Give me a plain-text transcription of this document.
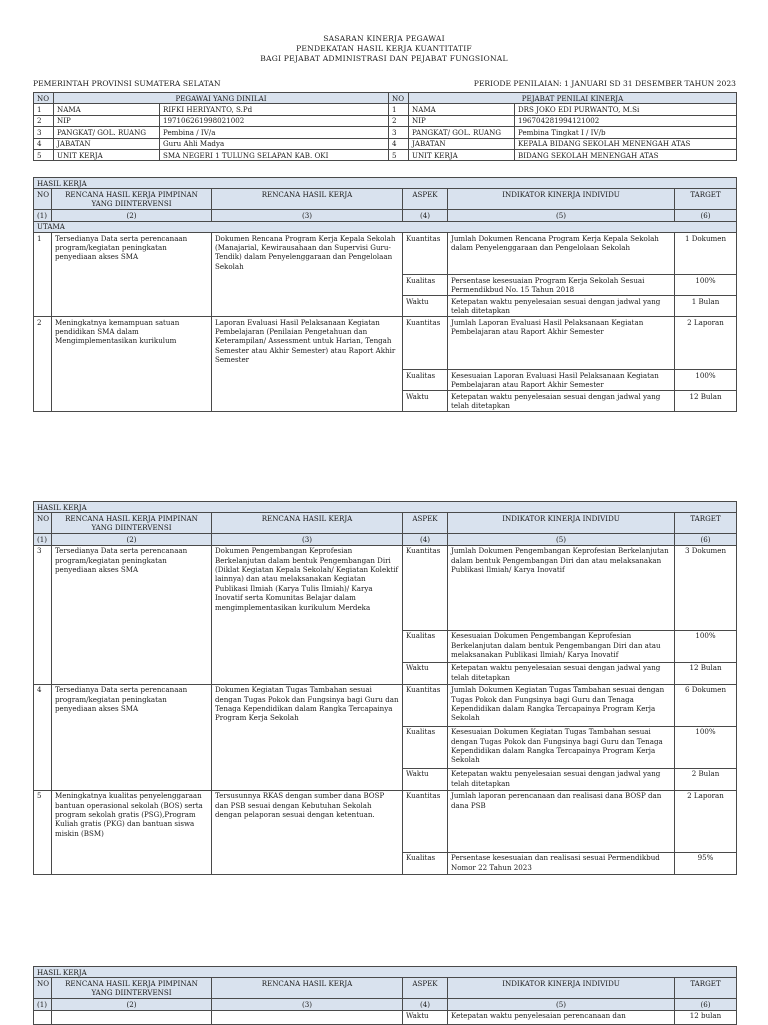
SASARAN KINERJA PEGAWAI
PENDEKATAN HASIL KERJA KUANTITATIF
BAGI PEJABAT ADMINISTRASI DAN PEJABAT FUNGSIONAL
PEMERINTAH PROVINSI SUMATERA SELATAN	PERIODE PENILAIAN: 1 JANUARI SD 31 DESEMBER TAHUN 2023
NO	PEGAWAI YANG DINILAI		NO	PEJABAT PENILAI KINERJA	
1	NAMA	RIFKI HERIYANTO, S.Pd	1	NAMA	DRS JOKO EDI PURWANTO, M.Si
2	NIP	197106261998021002	2	NIP	196704281994121002
3	PANGKAT/ GOL. RUANG	Pembina / IV/a	3	PANGKAT/ GOL. RUANG	Pembina Tingkat I / IV/b
4	JABATAN	Guru Ahli Madya	4	JABATAN	KEPALA BIDANG SEKOLAH MENENGAH ATAS
5	UNIT KERJA	SMA NEGERI 1 TULUNG SELAPAN KAB. OKI	5	UNIT KERJA	BIDANG SEKOLAH MENENGAH ATAS
HASIL KERJA					
NO	RENCANA HASIL KERJA PIMPINAN YANG DIINTERVENSI	RENCANA HASIL KERJA	ASPEK	INDIKATOR KINERJA INDIVIDU	TARGET
(1)	(2)	(3)	(4)	(5)	(6)
UTAMA					
1	Tersedianya Data serta perencanaan program/kegiatan peningkatan penyediaan akses SMA	Dokumen Rencana Program Kerja Kepala Sekolah (Manajarial, Kewirausahaan dan Supervisi Guru-Tendik) dalam Penyelenggaraan dan Pengelolaan Sekolah	Kuantitas	Jumlah Dokumen Rencana Program Kerja Kepala Sekolah dalam Penyelenggaraan dan Pengelolaan Sekolah	1 Dokumen
			Kualitas	Persentase kesesuaian Program Kerja Sekolah Sesuai Permendikbud No. 15 Tahun 2018	100%
			Waktu	Ketepatan waktu penyelesaian sesuai dengan jadwal yang telah ditetapkan	1 Bulan
2	Meningkatnya kemampuan satuan pendidikan SMA dalam Mengimplementasikan kurikulum	Laporan Evaluasi Hasil Pelaksanaan Kegiatan Pembelajaran (Penilaian Pengetahuan dan Keterampilan/ Assessment untuk Harian, Tengah Semester atau Akhir Semester) atau Raport Akhir Semester	Kuantitas	Jumlah Laporan Evaluasi Hasil Pelaksanaan Kegiatan Pembelajaran atau Raport Akhir Semester	2 Laporan
			Kualitas	Kesesuaian Laporan Evaluasi Hasil Pelaksanaan Kegiatan Pembelajaran atau Raport Akhir Semester	100%
			Waktu	Ketepatan waktu penyelesaian sesuai dengan jadwal yang telah ditetapkan	12 Bulan
HASIL KERJA					
NO	RENCANA HASIL KERJA PIMPINAN YANG DIINTERVENSI	RENCANA HASIL KERJA	ASPEK	INDIKATOR KINERJA INDIVIDU	TARGET
(1)	(2)	(3)	(4)	(5)	(6)
3	Tersedianya Data serta perencanaan program/kegiatan peningkatan penyediaan akses SMA	Dokumen Pengembangan Keprofesian Berkelanjutan dalam bentuk Pengembangan Diri (Diklat Kegiatan Kepala Sekolah/ Kegiatan Kolektif lainnya) dan atau melaksanakan Kegiatan Publikasi Ilmiah (Karya Tulis Ilmiah)/ Karya Inovatif serta Komunitas Belajar dalam mengimplementasikan kurikulum Merdeka	Kuantitas	Jumlah Dokumen Pengembangan Keprofesian Berkelanjutan dalam bentuk Pengembangan Diri dan atau melaksanakan Publikasi Ilmiah/ Karya Inovatif	3 Dokumen
			Kualitas	Kesesuaian Dokumen Pengembangan Keprofesian Berkelanjutan dalam bentuk Pengembangan Diri dan atau melaksanakan Publikasi Ilmiah/ Karya Inovatif	100%
			Waktu	Ketepatan waktu penyelesaian sesuai dengan jadwal yang telah ditetapkan	12 Bulan
4	Tersedianya Data serta perencanaan program/kegiatan peningkatan penyediaan akses SMA	Dokumen Kegiatan Tugas Tambahan sesuai dengan Tugas Pokok dan Fungsinya bagi Guru dan Tenaga Kependidikan dalam Rangka Tercapainya Program Kerja Sekolah	Kuantitas	Jumlah Dokumen Kegiatan Tugas Tambahan sesuai dengan Tugas Pokok dan Fungsinya bagi Guru dan Tenaga Kependidikan dalam Rangka Tercapainya Program Kerja Sekolah	6 Dokumen
			Kualitas	Kesesuaian Dokumen Kegiatan Tugas Tambahan sesuai dengan Tugas Pokok dan Fungsinya bagi Guru dan Tenaga Kependidikan dalam Rangka Tercapainya Program Kerja Sekolah	100%
			Waktu	Ketepatan waktu penyelesaian sesuai dengan jadwal yang telah ditetapkan	2 Bulan
5	Meningkatnya kualitas penyelenggaraan bantuan operasional sekolah (BOS) serta program sekolah gratis (PSG),Program Kuliah gratis (PKG) dan bantuan siswa miskin (BSM)	Tersusunnya RKAS dengan sumber dana BOSP dan PSB sesuai dengan Kebutuhan Sekolah dengan pelaporan sesuai dengan ketentuan.	Kuantitas	Jumlah laporan perencanaan dan realisasi dana BOSP dan dana PSB	2 Laporan
			Kualitas	Persentase kesesuaian dan realisasi sesuai Permendikbud Nomor 22 Tahun 2023	95%
HASIL KERJA					
NO	RENCANA HASIL KERJA PIMPINAN YANG DIINTERVENSI	RENCANA HASIL KERJA	ASPEK	INDIKATOR KINERJA INDIVIDU	TARGET
(1)	(2)	(3)	(4)	(5)	(6)
			Waktu	Ketepatan waktu penyelesaian perencanaan dan	12 bulan
